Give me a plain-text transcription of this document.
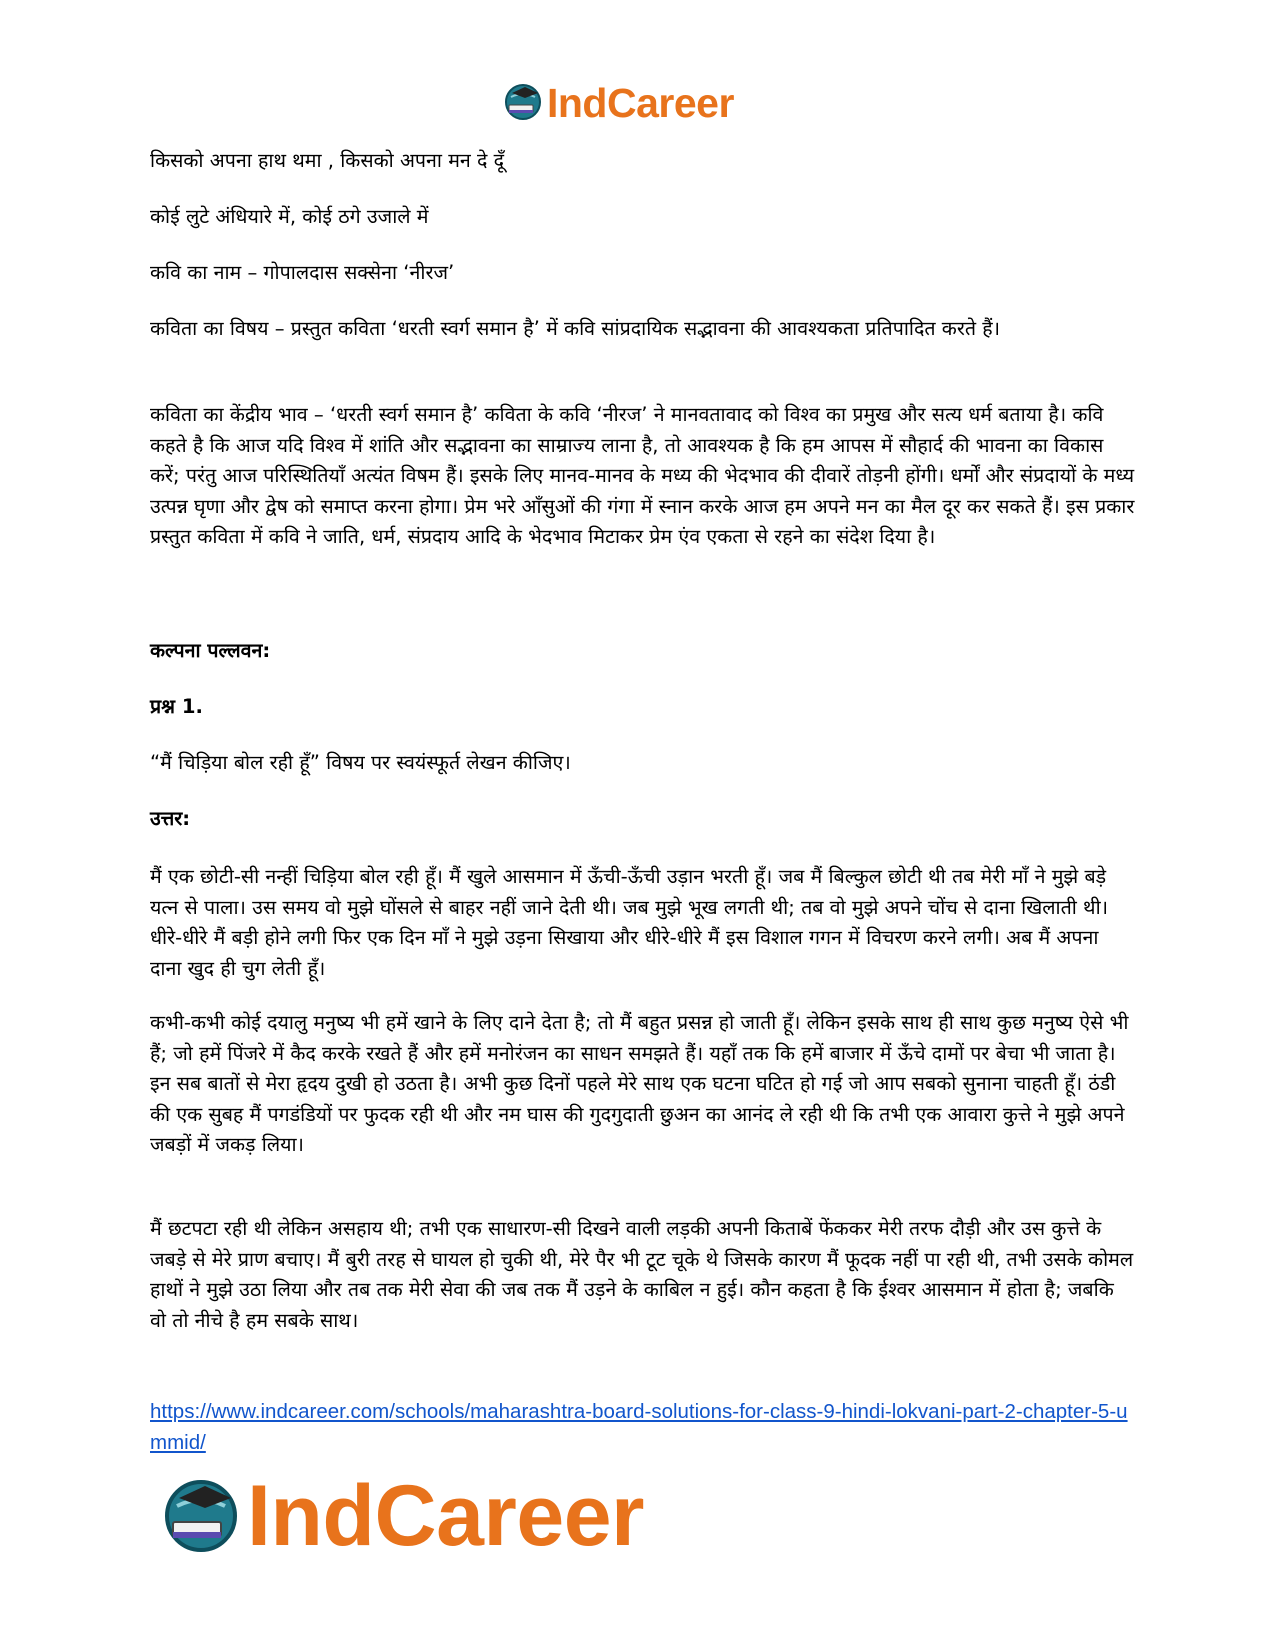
IndCareer

किसको अपना हाथ थमा , किसको अपना मन दे दूँ

कोई लुटे अंधियारे में, कोई ठगे उजाले में

कवि का नाम – गोपालदास सक्सेना ‘नीरज’

कविता का विषय – प्रस्तुत कविता ‘धरती स्वर्ग समान है’ में कवि सांप्रदायिक सद्भावना की आवश्यकता प्रतिपादित करते हैं।

कविता का केंद्रीय भाव – ‘धरती स्वर्ग समान है’ कविता के कवि ‘नीरज’ ने मानवतावाद को विश्व का प्रमुख और सत्य धर्म बताया है। कवि कहते है कि आज यदि विश्व में शांति और सद्भावना का साम्राज्य लाना है, तो आवश्यक है कि हम आपस में सौहार्द की भावना का विकास करें; परंतु आज परिस्थितियाँ अत्यंत विषम हैं। इसके लिए मानव-मानव के मध्य की भेदभाव की दीवारें तोड़नी होंगी। धर्मों और संप्रदायों के मध्य उत्पन्न घृणा और द्वेष को समाप्त करना होगा। प्रेम भरे आँसुओं की गंगा में स्नान करके आज हम अपने मन का मैल दूर कर सकते हैं। इस प्रकार प्रस्तुत कविता में कवि ने जाति, धर्म, संप्रदाय आदि के भेदभाव मिटाकर प्रेम एंव एकता से रहने का संदेश दिया है।

कल्पना पल्लवन:

प्रश्न 1.

“मैं चिड़िया बोल रही हूँ” विषय पर स्वयंस्फूर्त लेखन कीजिए।

उत्तर:

मैं एक छोटी-सी नन्हीं चिड़िया बोल रही हूँ। मैं खुले आसमान में ऊँची-ऊँची उड़ान भरती हूँ। जब मैं बिल्कुल छोटी थी तब मेरी माँ ने मुझे बड़े यत्न से पाला। उस समय वो मुझे घोंसले से बाहर नहीं जाने देती थी। जब मुझे भूख लगती थी; तब वो मुझे अपने चोंच से दाना खिलाती थी। धीरे-धीरे मैं बड़ी होने लगी फिर एक दिन माँ ने मुझे उड़ना सिखाया और धीरे-धीरे मैं इस विशाल गगन में विचरण करने लगी। अब मैं अपना दाना खुद ही चुग लेती हूँ।

कभी-कभी कोई दयालु मनुष्य भी हमें खाने के लिए दाने देता है; तो मैं बहुत प्रसन्न हो जाती हूँ। लेकिन इसके साथ ही साथ कुछ मनुष्य ऐसे भी हैं; जो हमें पिंजरे में कैद करके रखते हैं और हमें मनोरंजन का साधन समझते हैं। यहाँ तक कि हमें बाजार में ऊँचे दामों पर बेचा भी जाता है। इन सब बातों से मेरा हृदय दुखी हो उठता है। अभी कुछ दिनों पहले मेरे साथ एक घटना घटित हो गई जो आप सबको सुनाना चाहती हूँ। ठंडी की एक सुबह मैं पगडंडियों पर फुदक रही थी और नम घास की गुदगुदाती छुअन का आनंद ले रही थी कि तभी एक आवारा कुत्ते ने मुझे अपने जबड़ों में जकड़ लिया।

मैं छटपटा रही थी लेकिन असहाय थी; तभी एक साधारण-सी दिखने वाली लड़की अपनी किताबें फेंककर मेरी तरफ दौड़ी और उस कुत्ते के जबड़े से मेरे प्राण बचाए। मैं बुरी तरह से घायल हो चुकी थी, मेरे पैर भी टूट चूके थे जिसके कारण मैं फूदक नहीं पा रही थी, तभी उसके कोमल हाथों ने मुझे उठा लिया और तब तक मेरी सेवा की जब तक मैं उड़ने के काबिल न हुई। कौन कहता है कि ईश्वर आसमान में होता है; जबकि वो तो नीचे है हम सबके साथ।

https://www.indcareer.com/schools/maharashtra-board-solutions-for-class-9-hindi-lokvani-part-2-chapter-5-ummid/
IndCareer
